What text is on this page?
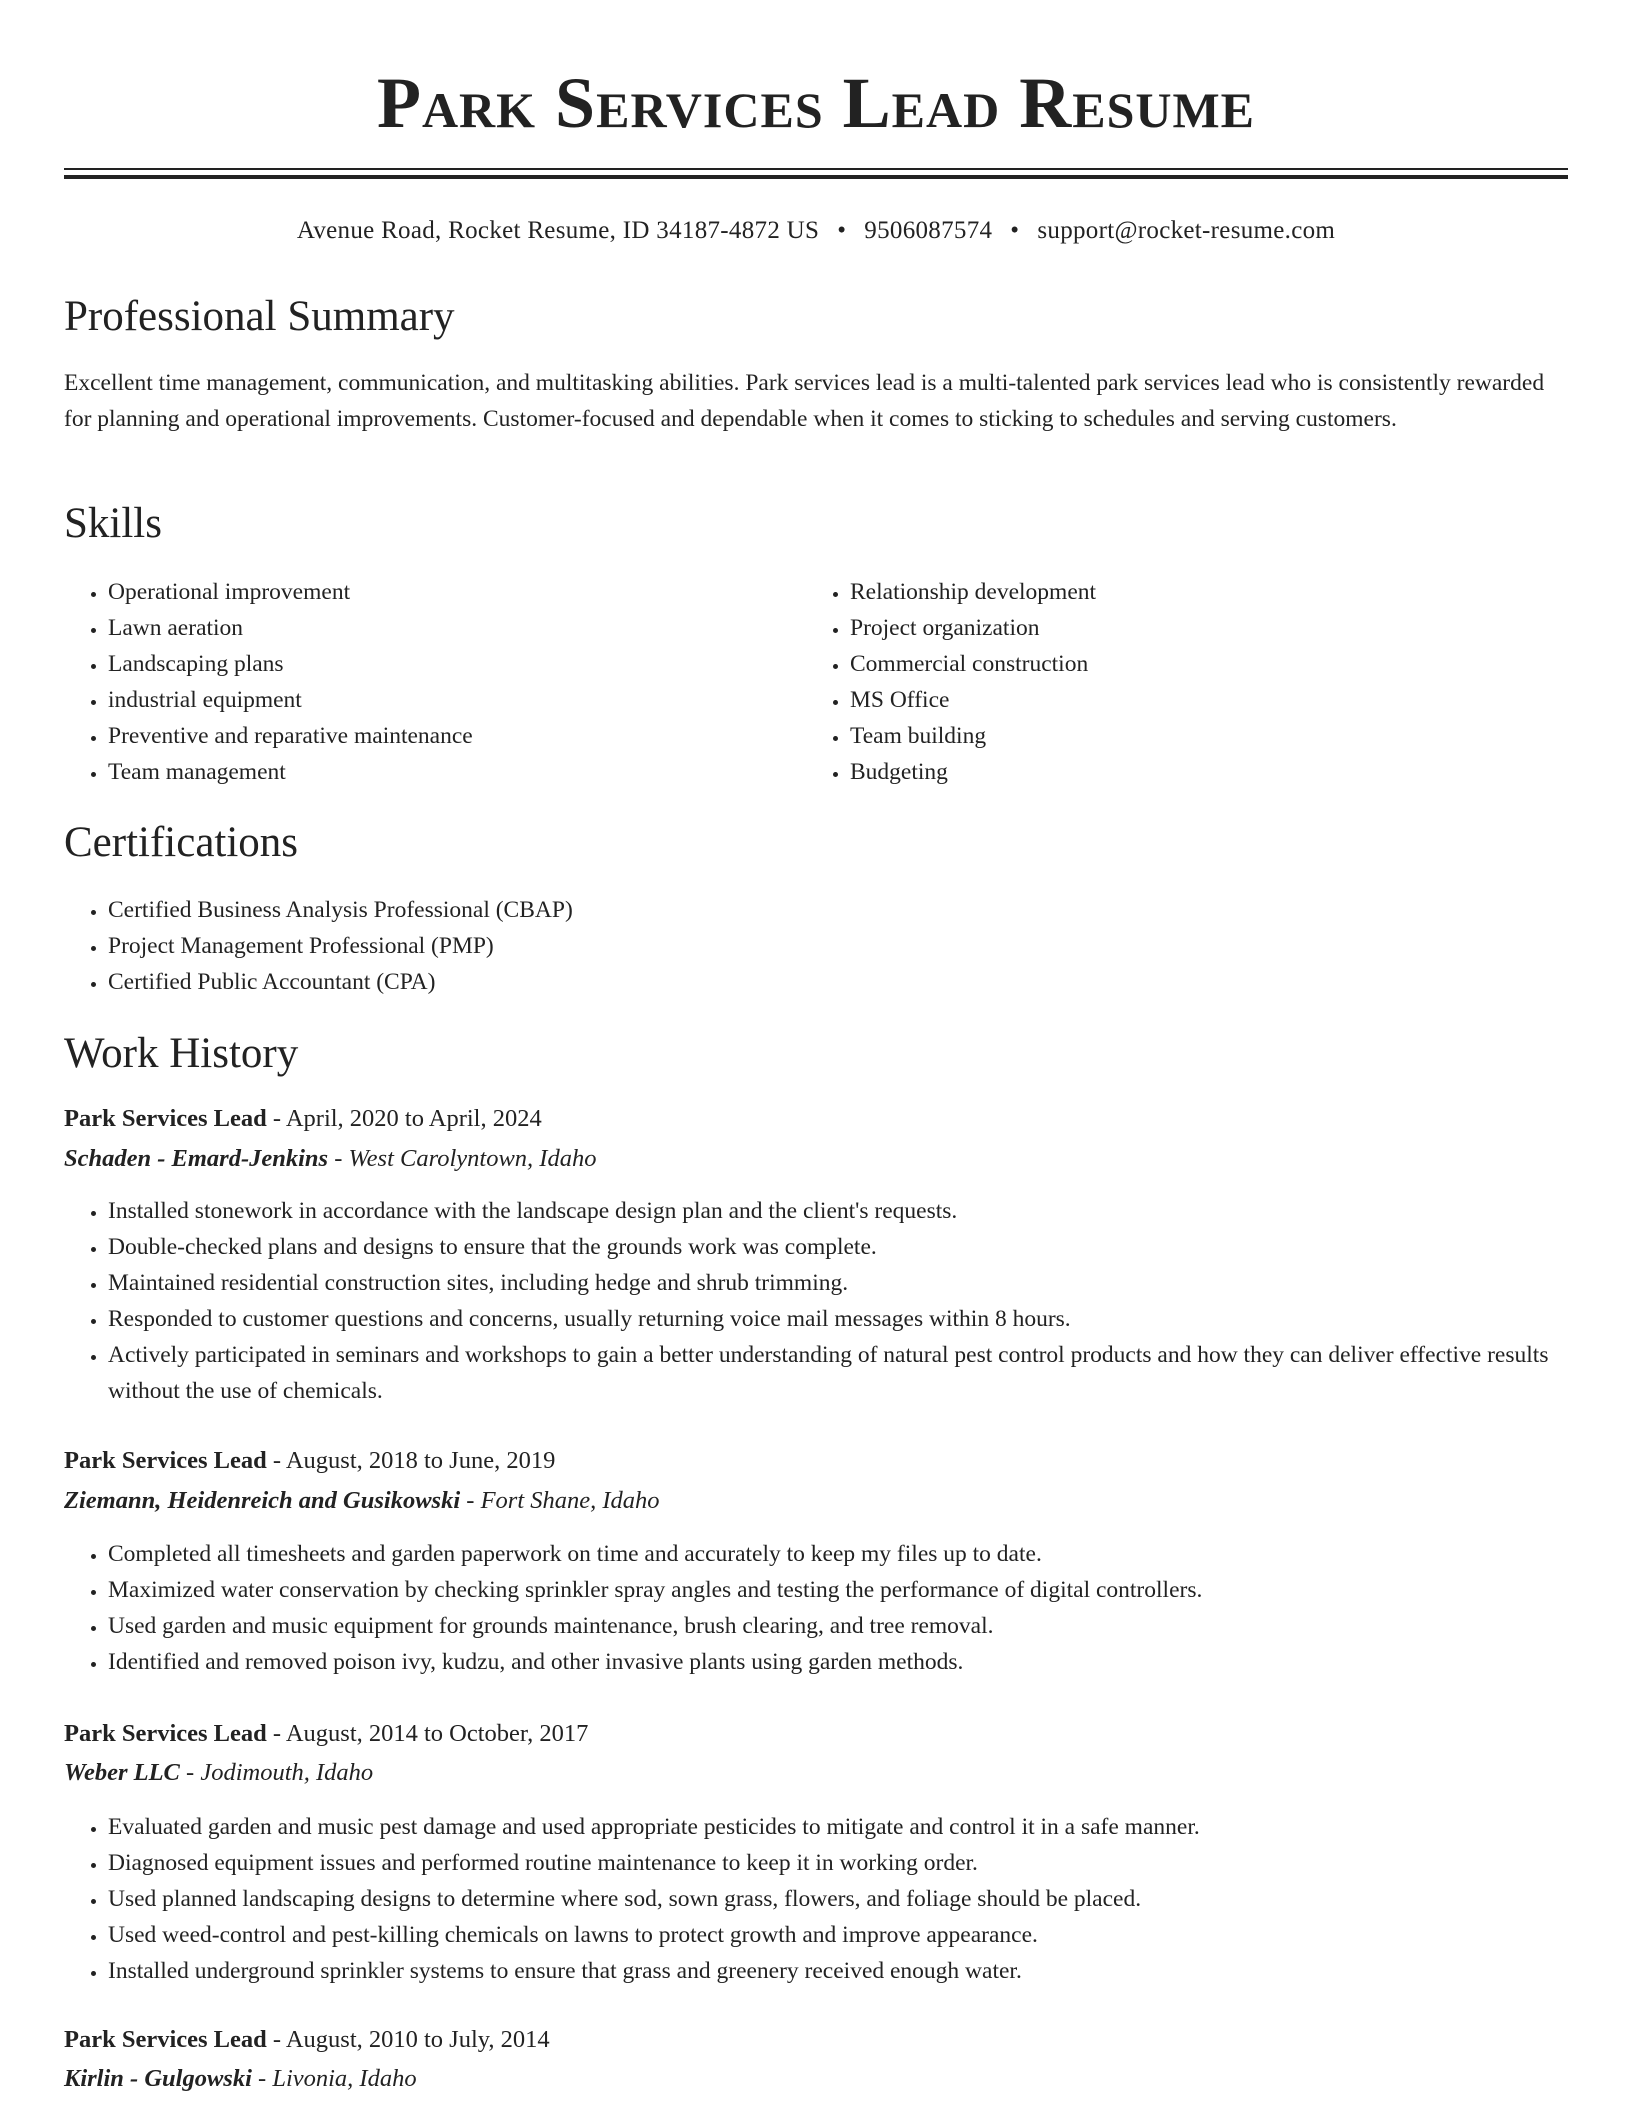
Park Services Lead Resume
Avenue Road, Rocket Resume, ID 34187-4872 US • 9506087574 • support@rocket-resume.com
Professional Summary

Excellent time management, communication, and multitasking abilities. Park services lead is a multi-talented park services lead who is consistently rewarded for planning and operational improvements. Customer-focused and dependable when it comes to sticking to schedules and serving customers.

Skills
• Operational improvement
• Lawn aeration
• Landscaping plans
• industrial equipment
• Preventive and reparative maintenance
• Team management
• Relationship development
• Project organization
• Commercial construction
• MS Office
• Team building
• Budgeting
Certifications
• Certified Business Analysis Professional (CBAP)
• Project Management Professional (PMP)
• Certified Public Accountant (CPA)
Work History
Park Services Lead - April, 2020 to April, 2024
Schaden - Emard-Jenkins - West Carolyntown, Idaho
• Installed stonework in accordance with the landscape design plan and the client's requests.
• Double-checked plans and designs to ensure that the grounds work was complete.
• Maintained residential construction sites, including hedge and shrub trimming.
• Responded to customer questions and concerns, usually returning voice mail messages within 8 hours.
• Actively participated in seminars and workshops to gain a better understanding of natural pest control products and how they can deliver effective results without the use of chemicals.
Park Services Lead - August, 2018 to June, 2019
Ziemann, Heidenreich and Gusikowski - Fort Shane, Idaho
• Completed all timesheets and garden paperwork on time and accurately to keep my files up to date.
• Maximized water conservation by checking sprinkler spray angles and testing the performance of digital controllers.
• Used garden and music equipment for grounds maintenance, brush clearing, and tree removal.
• Identified and removed poison ivy, kudzu, and other invasive plants using garden methods.
Park Services Lead - August, 2014 to October, 2017
Weber LLC - Jodimouth, Idaho
• Evaluated garden and music pest damage and used appropriate pesticides to mitigate and control it in a safe manner.
• Diagnosed equipment issues and performed routine maintenance to keep it in working order.
• Used planned landscaping designs to determine where sod, sown grass, flowers, and foliage should be placed.
• Used weed-control and pest-killing chemicals on lawns to protect growth and improve appearance.
• Installed underground sprinkler systems to ensure that grass and greenery received enough water.
Park Services Lead - August, 2010 to July, 2014
Kirlin - Gulgowski - Livonia, Idaho
